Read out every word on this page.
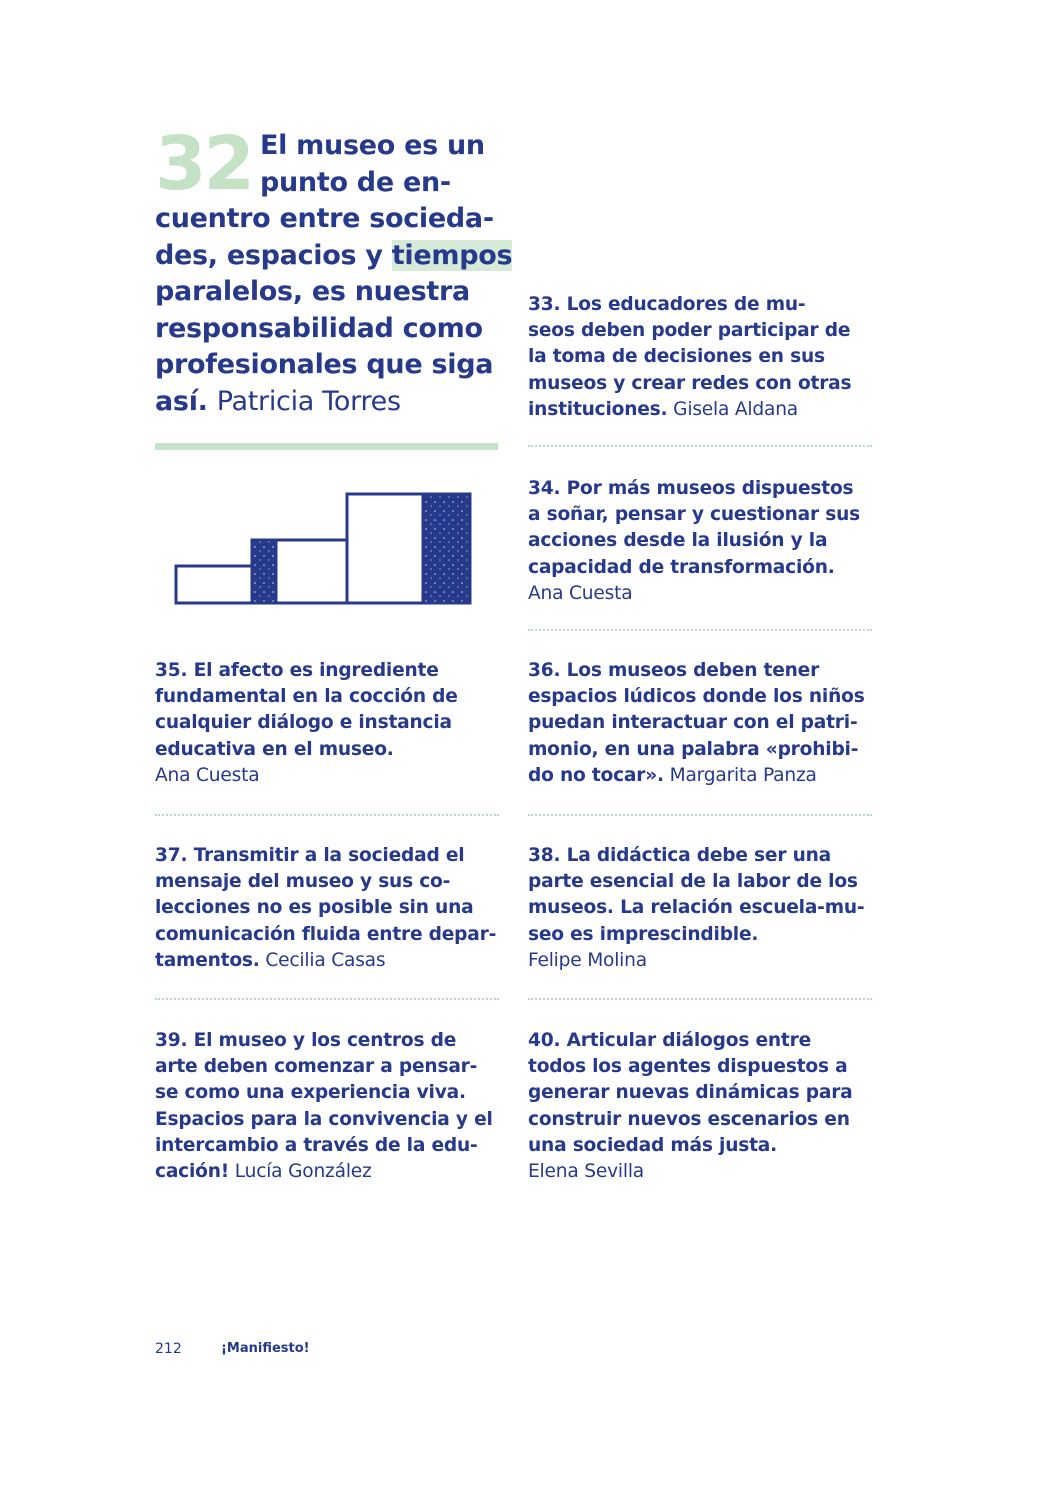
32 El museo es un punto de encuentro entre sociedades, espacios y tiempos paralelos, es nuestra responsabilidad como profesionales que siga así. Patricia Torres
33. Los educadores de mu-
seos deben poder participar de
la toma de decisiones en sus
museos y crear redes con otras
instituciones. Gisela Aldana
34. Por más museos dispuestos
a soñar, pensar y cuestionar sus
acciones desde la ilusión y la
capacidad de transformación.
Ana Cuesta
35. El afecto es ingrediente
fundamental en la cocción de
cualquier diálogo e instancia
educativa en el museo.
Ana Cuesta
36. Los museos deben tener
espacios lúdicos donde los niños
puedan interactuar con el patri-
monio, en una palabra «prohibi-
do no tocar». Margarita Panza
37. Transmitir a la sociedad el
mensaje del museo y sus co-
lecciones no es posible sin una
comunicación fluida entre depar-
tamentos. Cecilia Casas
38. La didáctica debe ser una
parte esencial de la labor de los
museos. La relación escuela-mu-
seo es imprescindible.
Felipe Molina
39. El museo y los centros de
arte deben comenzar a pensar-
se como una experiencia viva.
Espacios para la convivencia y el
intercambio a través de la edu-
cación! Lucía González
40. Articular diálogos entre
todos los agentes dispuestos a
generar nuevas dinámicas para
construir nuevos escenarios en
una sociedad más justa.
Elena Sevilla
212	¡Manifiesto!
